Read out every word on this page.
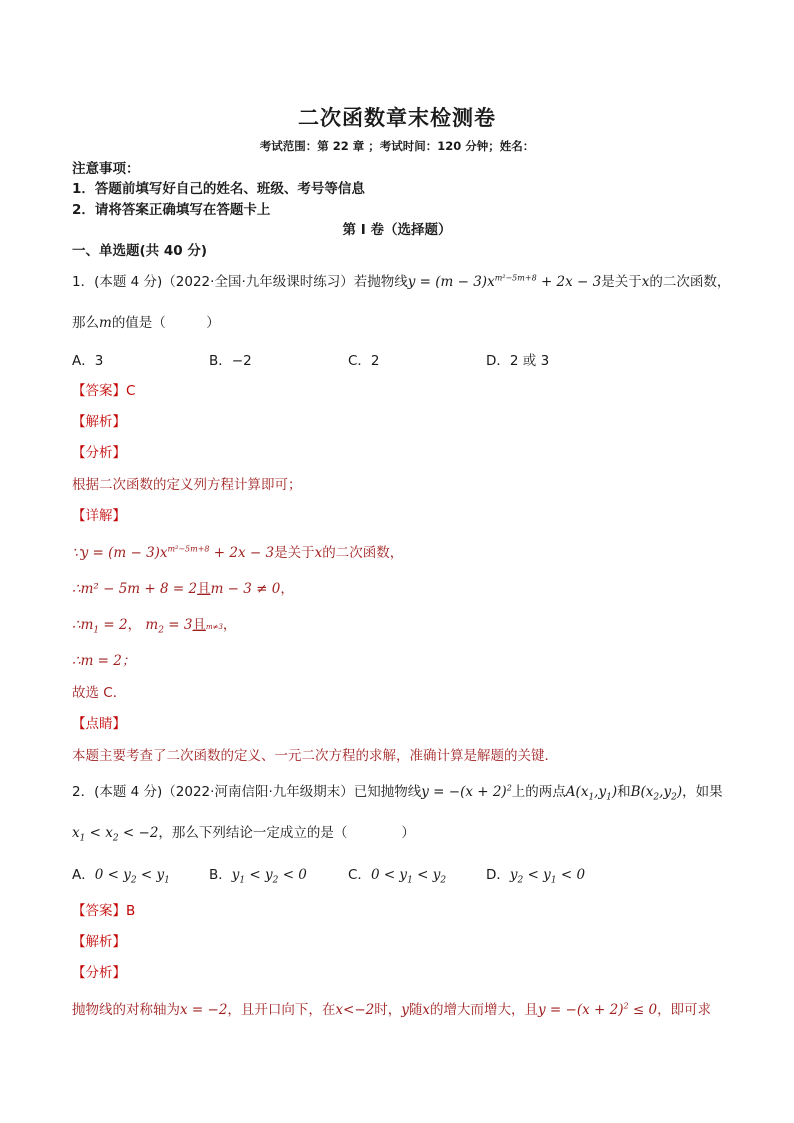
二次函数章末检测卷
考试范围：第 22 章 ；考试时间：120 分钟；姓名：
注意事项：
1．答题前填写好自己的姓名、班级、考号等信息
2．请将答案正确填写在答题卡上
第 I 卷（选择题）
一、单选题(共 40 分)
1．(本题 4 分)（2022·全国·九年级课时练习）若抛物线$y = (m - 3)x^{m^2-5m+8} + 2x - 3$是关于x的二次函数，
那么m的值是（　　　）
A．3	B．−2	C．2	D．2 或 3
【答案】C
【解析】
【分析】
根据二次函数的定义列方程计算即可；
【详解】
∵y = $(m - 3)x^{m^2-5m+8} + 2x - 3$是关于x的二次函数，
∴m² − 5m + 8 = 2且m − 3 ≠ 0，
$\therefore m_1 = 2$， $m_2 = 3$且m≠3，
∴m = 2；
故选 C．
【点睛】
本题主要考查了二次函数的定义、一元二次方程的求解，准确计算是解题的关键．
2．(本题 4 分)（2022·河南信阳·九年级期末）已知抛物线$y = -(x + 2)^2$上的两点$A(x_1,y_1)$和$B(x_2,y_2)$，如果
$x_1 < x_2 < -2$，那么下列结论一定成立的是（　　　　）
A．$0 < y_2 < y_1$	B．$y_1 < y_2 < 0$	C．$0 < y_1 < y_2$	D．$y_2 < y_1 < 0$
【答案】B
【解析】
【分析】
抛物线的对称轴为x = −2，且开口向下，在x<−2时，y随x的增大而增大，且$y = -(x + 2)^2 \le 0$，即可求
